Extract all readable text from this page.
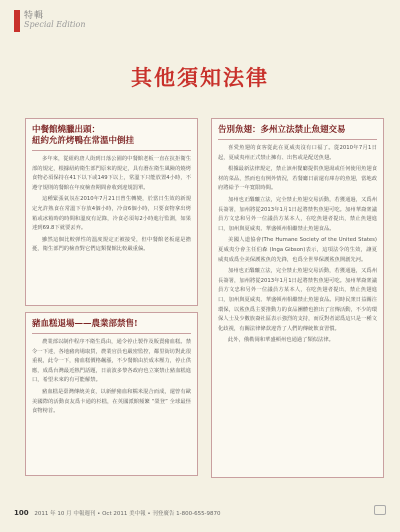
特輯
Special Edition
其他須知法律
中餐館燒臘出頭：
紐約允許烤鴨在常溫中倒挂

多年來，從紐約唐人街到日落公園的中餐館老板一直在抗拒衛生部的規定，根據紐約衛生部門原來的規定，具有潛在衛生風險的燒烤食物必須保持在41下以下或149下以上，常溫下只能放置4小時，不遵守規則的餐館在年度檢查期間會收到違規罰單。

這種緊張氣氛在2010年7月21日曾生轉變，於當日生效的新規定允許熟食在常溫下存放4個小時，冷食6個小時，只要食物拿出烤箱或冰箱時的時間和溫度有記錄，冷食必須每2小時進行監測，如果達到69.8下就要丟弃。

雖然這個比較弹性的溫度規定正被接受，但中餐館老板還是擔憂，衛生部門的檢查對它們這類餐館比較嚴重偏。

豬血糕退場——農業部禁售!

農業部以制作程序不衛生爲由，通令停止製作及販賣豬血糕。禁令一下達，各地豬肉場取貨，農業官員也嚴密監控，鄰里街坊對此很重視，此令一下，豬血糕價格飆漲，不少餐館由於成本壓力，停止供應，成爲台灣最近熱門話題，日前波多黎各政府也立案禁止豬血糕進口，希望未來的有可能解禁。

豬血糕是臺灣傳統美食，以新鮮豬血和糯米混合而成，還曾有歐美國際的活動食友爲卡通的杉糕，在英國派館頻繁 “榮登” 全球最怪食物榜首。

告別魚翅：多州立法禁止魚翅交易

喜愛魚翅的食客從此在夏威夷沒有口福了。從2010年7月1日起，夏威夷州正式禁止擁有、出售或是配送魚翅。

根據最新法律規定，禁止該州餐廳提供魚翅湯或任何使用魚翅食材的菜品，然而也有例外情況，若餐廳日前還有庫存的魚翅，當地政府將給予一年寬限時間。

加州也正醞釀立法，完全禁止魚翅交易活動，若獲通過，又爲州長簽署，加州將從2013年1月1日起將禁售魚翅可吃。加州華裔衆議員方文忠和另外一位議員方某本人，在吃魚翅者提出，禁止魚翅進口，加州與夏威夷、華盛頓州相繼禁止魚翅食品。

美國人道協會(The Humane Society of the United States) 夏威夷分會主任伯森 (Inga Gibson)表示，這項法令的生效，讓夏威夷成爲全美保護鯊魚的先鋒，也爲全世界保護鯊魚開創先河。

加州也正醞釀立法，完全禁止魚翅交易活動，若獲通過，又爲州長簽署，加州將從2013年1月1日起將禁售魚翅可吃。加州華裔衆議員方文忠和另外一位議員方某本人，在吃魚翅者提出，禁止魚翅進口，加州與夏威夷、華盛頓州相繼禁止魚翅食品。同時民衆日益關注環保，以鯊魚爲主要推動力的食品團體也推出了宣傳活動，不少的環保人士及少數族裔社區表示強烈的支持，而反對者認爲這只是一種文化歧視，有關法律條款違背了人們的傳統飲食習慣。

此外，俄勒岡和華盛頓州也通過了類似法律。

100 2011 年 10 月 中報週刊 • Oct 2011 美中報 • 刊登廣告 1-800-655-9870
